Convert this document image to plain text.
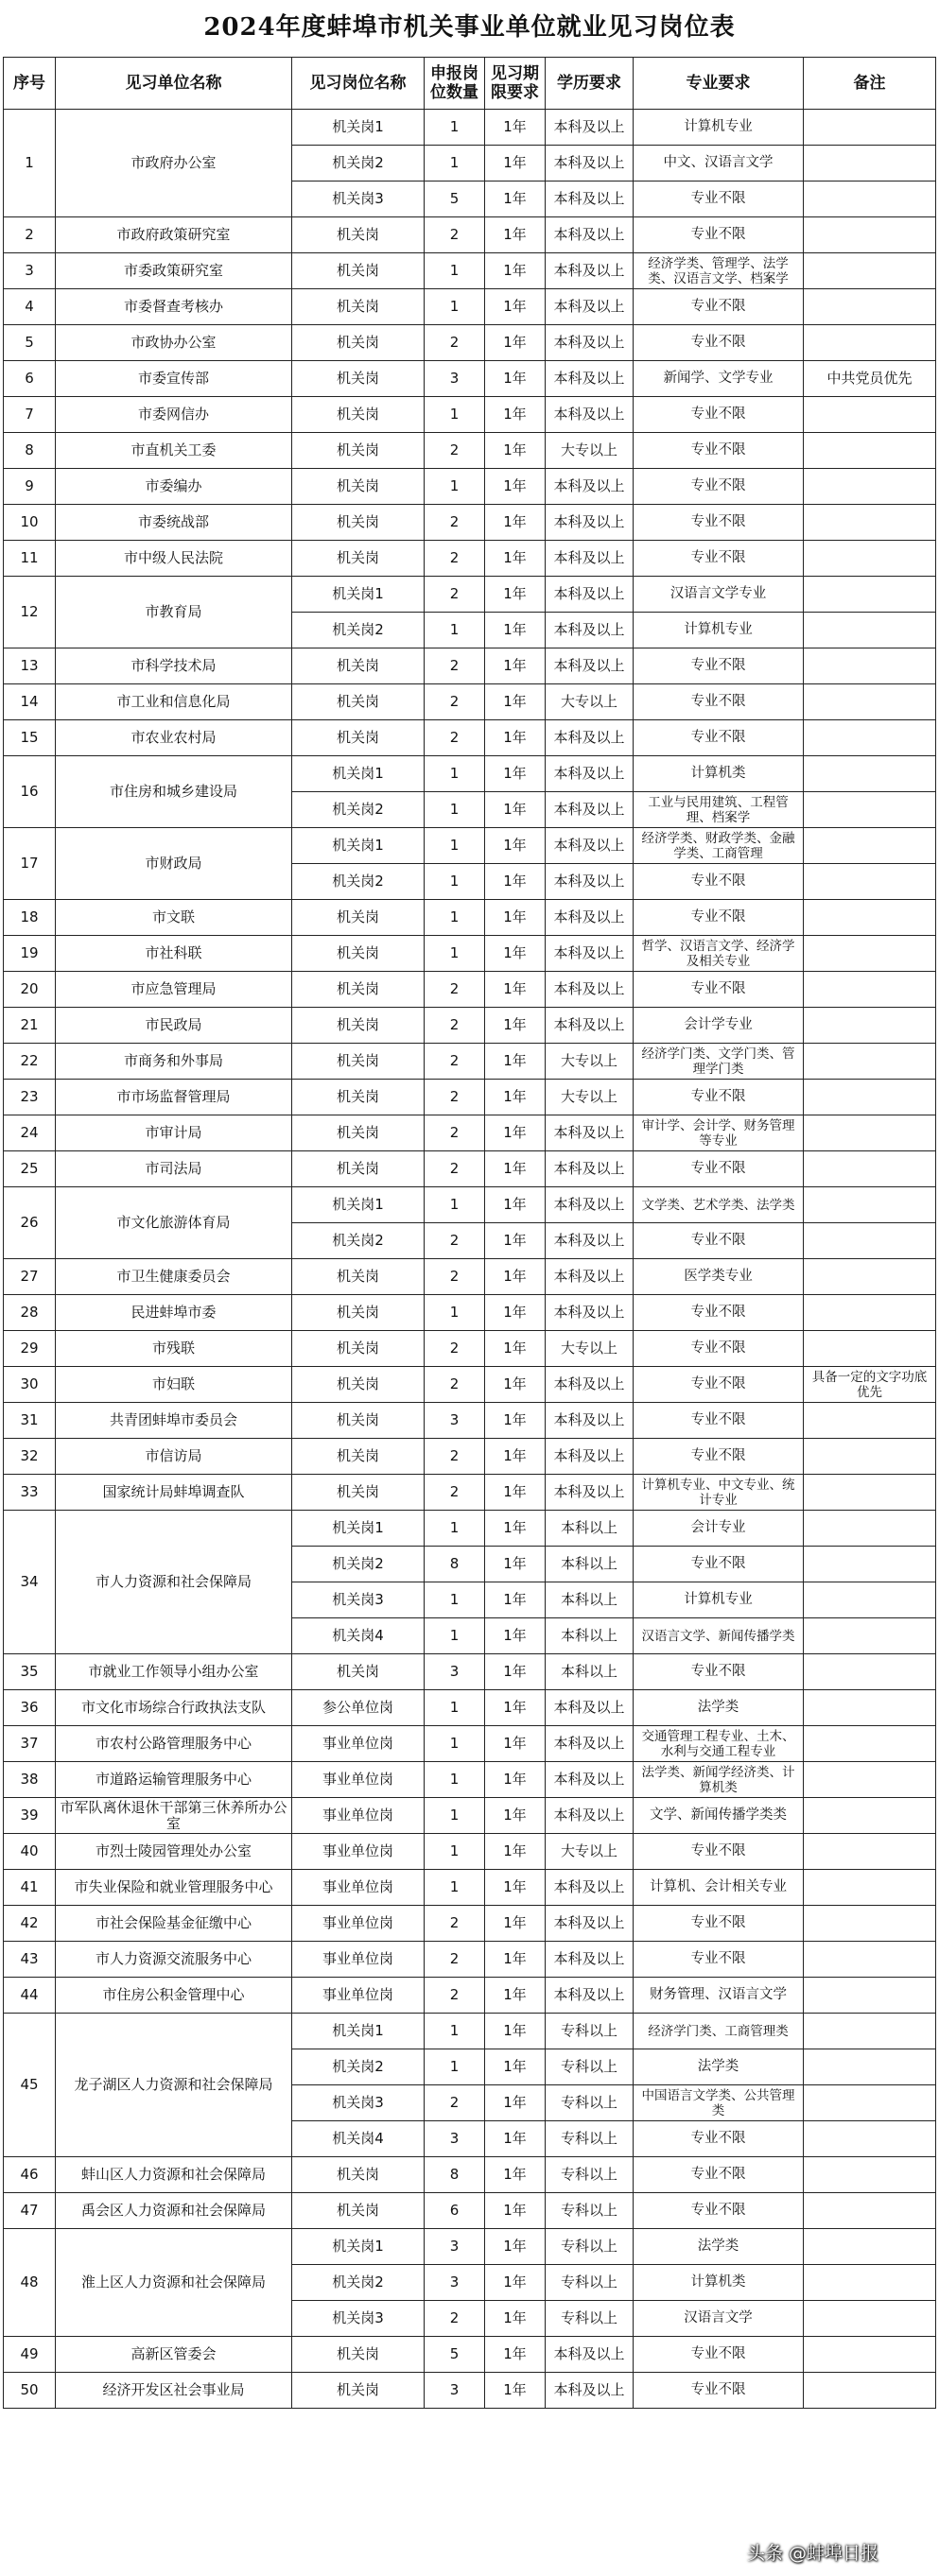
2024年度蚌埠市机关事业单位就业见习岗位表
序号	见习单位名称	见习岗位名称	申报岗位数量	见习期限要求	学历要求	专业要求	备注
1	市政府办公室	机关岗1	1	1年	本科及以上	计算机专业	
		机关岗2	1	1年	本科及以上	中文、汉语言文学	
		机关岗3	5	1年	本科及以上	专业不限	
2	市政府政策研究室	机关岗	2	1年	本科及以上	专业不限	
3	市委政策研究室	机关岗	1	1年	本科及以上	经济学类、管理学、法学类、汉语言文学、档案学	
4	市委督查考核办	机关岗	1	1年	本科及以上	专业不限	
5	市政协办公室	机关岗	2	1年	本科及以上	专业不限	
6	市委宣传部	机关岗	3	1年	本科及以上	新闻学、文学专业	中共党员优先
7	市委网信办	机关岗	1	1年	本科及以上	专业不限	
8	市直机关工委	机关岗	2	1年	大专以上	专业不限	
9	市委编办	机关岗	1	1年	本科及以上	专业不限	
10	市委统战部	机关岗	2	1年	本科及以上	专业不限	
11	市中级人民法院	机关岗	2	1年	本科及以上	专业不限	
12	市教育局	机关岗1	2	1年	本科及以上	汉语言文学专业	
		机关岗2	1	1年	本科及以上	计算机专业	
13	市科学技术局	机关岗	2	1年	本科及以上	专业不限	
14	市工业和信息化局	机关岗	2	1年	大专以上	专业不限	
15	市农业农村局	机关岗	2	1年	本科及以上	专业不限	
16	市住房和城乡建设局	机关岗1	1	1年	本科及以上	计算机类	
		机关岗2	1	1年	本科及以上	工业与民用建筑、工程管理、档案学	
17	市财政局	机关岗1	1	1年	本科及以上	经济学类、财政学类、金融学类、工商管理	
		机关岗2	1	1年	本科及以上	专业不限	
18	市文联	机关岗	1	1年	本科及以上	专业不限	
19	市社科联	机关岗	1	1年	本科及以上	哲学、汉语言文学、经济学及相关专业	
20	市应急管理局	机关岗	2	1年	本科及以上	专业不限	
21	市民政局	机关岗	2	1年	本科及以上	会计学专业	
22	市商务和外事局	机关岗	2	1年	大专以上	经济学门类、文学门类、管理学门类	
23	市市场监督管理局	机关岗	2	1年	大专以上	专业不限	
24	市审计局	机关岗	2	1年	本科及以上	审计学、会计学、财务管理等专业	
25	市司法局	机关岗	2	1年	本科及以上	专业不限	
26	市文化旅游体育局	机关岗1	1	1年	本科及以上	文学类、艺术学类、法学类	
		机关岗2	2	1年	本科及以上	专业不限	
27	市卫生健康委员会	机关岗	2	1年	本科及以上	医学类专业	
28	民进蚌埠市委	机关岗	1	1年	本科及以上	专业不限	
29	市残联	机关岗	2	1年	大专以上	专业不限	
30	市妇联	机关岗	2	1年	本科及以上	专业不限	具备一定的文字功底优先
31	共青团蚌埠市委员会	机关岗	3	1年	本科及以上	专业不限	
32	市信访局	机关岗	2	1年	本科及以上	专业不限	
33	国家统计局蚌埠调查队	机关岗	2	1年	本科及以上	计算机专业、中文专业、统计专业	
34	市人力资源和社会保障局	机关岗1	1	1年	本科以上	会计专业	
		机关岗2	8	1年	本科以上	专业不限	
		机关岗3	1	1年	本科以上	计算机专业	
		机关岗4	1	1年	本科以上	汉语言文学、新闻传播学类	
35	市就业工作领导小组办公室	机关岗	3	1年	本科以上	专业不限	
36	市文化市场综合行政执法支队	参公单位岗	1	1年	本科及以上	法学类	
37	市农村公路管理服务中心	事业单位岗	1	1年	本科及以上	交通管理工程专业、土木、水利与交通工程专业	
38	市道路运输管理服务中心	事业单位岗	1	1年	本科及以上	法学类、新闻学经济类、计算机类	
39	市军队离休退休干部第三休养所办公室	事业单位岗	1	1年	本科及以上	文学、新闻传播学类类	
40	市烈士陵园管理处办公室	事业单位岗	1	1年	大专以上	专业不限	
41	市失业保险和就业管理服务中心	事业单位岗	1	1年	本科及以上	计算机、会计相关专业	
42	市社会保险基金征缴中心	事业单位岗	2	1年	本科及以上	专业不限	
43	市人力资源交流服务中心	事业单位岗	2	1年	本科及以上	专业不限	
44	市住房公积金管理中心	事业单位岗	2	1年	本科及以上	财务管理、汉语言文学	
45	龙子湖区人力资源和社会保障局	机关岗1	1	1年	专科以上	经济学门类、工商管理类	
		机关岗2	1	1年	专科以上	法学类	
		机关岗3	2	1年	专科以上	中国语言文学类、公共管理类	
		机关岗4	3	1年	专科以上	专业不限	
46	蚌山区人力资源和社会保障局	机关岗	8	1年	专科以上	专业不限	
47	禹会区人力资源和社会保障局	机关岗	6	1年	专科以上	专业不限	
48	淮上区人力资源和社会保障局	机关岗1	3	1年	专科以上	法学类	
		机关岗2	3	1年	专科以上	计算机类	
		机关岗3	2	1年	专科以上	汉语言文学	
49	高新区管委会	机关岗	5	1年	本科及以上	专业不限	
50	经济开发区社会事业局	机关岗	3	1年	本科及以上	专业不限	
头条 @蚌埠日报
